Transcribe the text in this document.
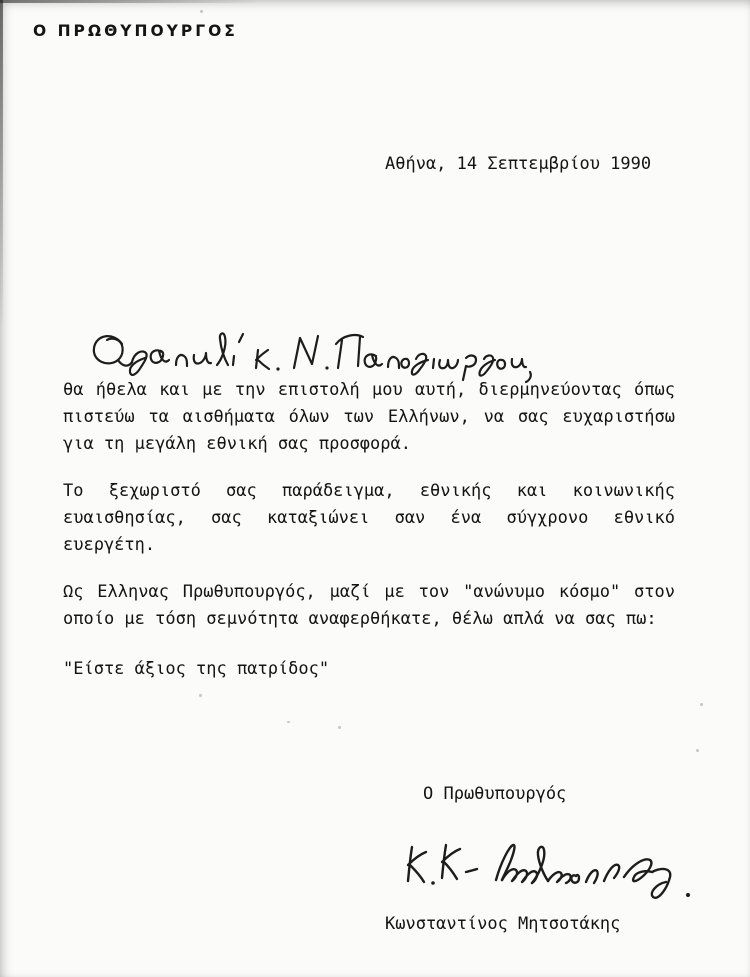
Ο ΠΡΩΘΥΠΟΥΡΓΟΣ
Αθήνα, 14 Σεπτεμβρίου 1990
θα ήθελα και με την επιστολή μου αυτή, διερμηνεύοντας όπως
πιστεύω τα αισθήματα όλων των Ελλήνων, να σας ευχαριστήσω
για τη μεγάλη εθνική σας προσφορά.
Το ξεχωριστό σας παράδειγμα, εθνικής και κοινωνικής
ευαισθησίας, σας καταξιώνει σαν ένα σύγχρονο εθνικό
ευεργέτη.
Ως Ελληνας Πρωθυπουργός, μαζί με τον "ανώνυμο κόσμο" στον
οποίο με τόση σεμνότητα αναφερθήκατε, θέλω απλά να σας πω:
"Είστε άξιος της πατρίδος"
Ο Πρωθυπουργός
Κωνσταντίνος Μητσοτάκης
